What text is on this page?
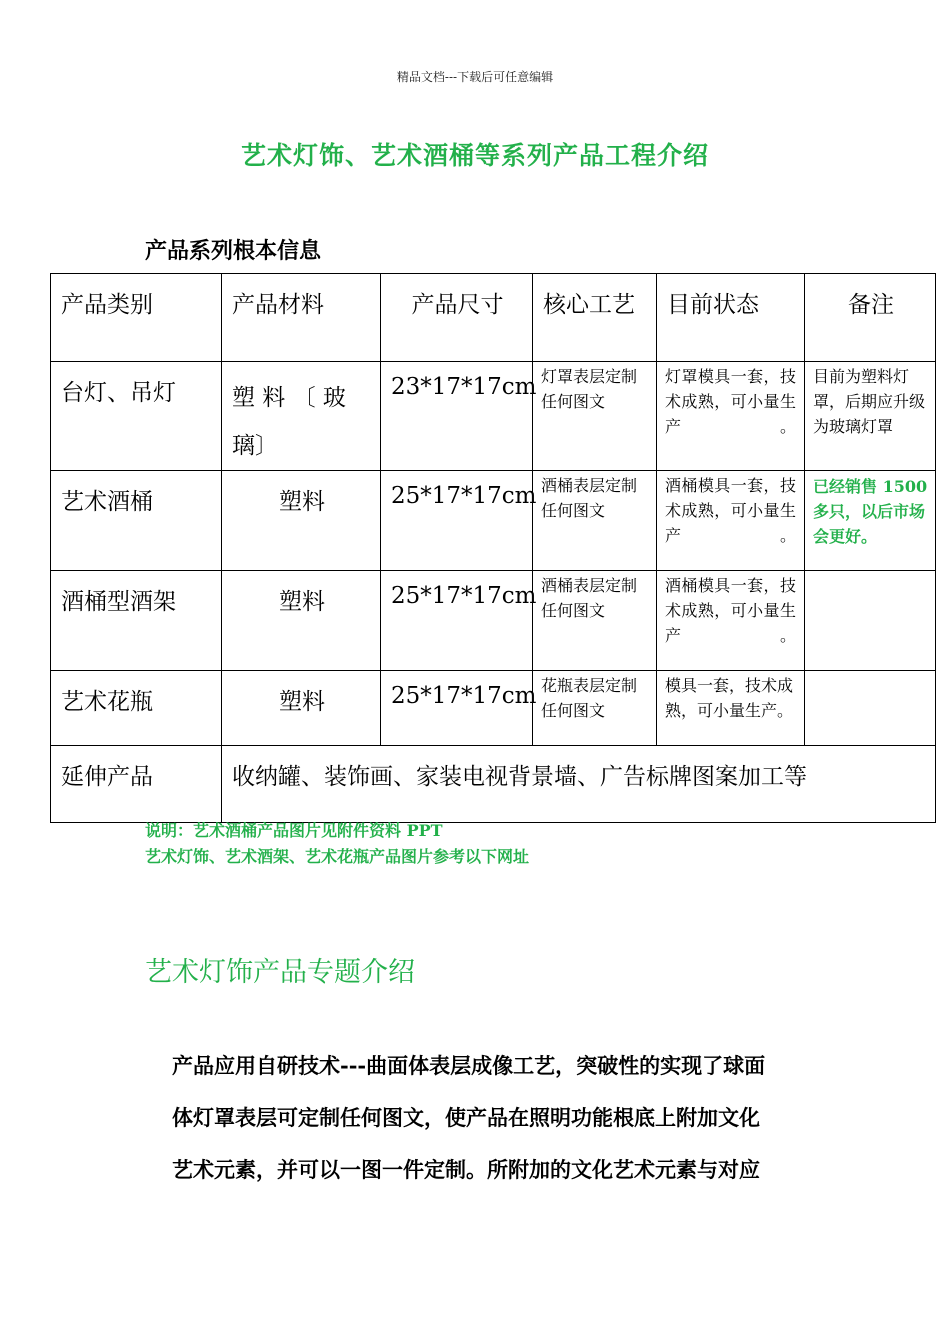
精品文档---下载后可任意编辑
艺术灯饰、艺术酒桶等系列产品工程介绍
产品系列根本信息
产品类别	产品材料	产品尺寸	核心工艺	目前状态	备注
台灯、吊灯	塑 料 〔 玻 璃〕	23*17*17cm	灯罩表层定制任何图文	灯罩模具一套，技术成熟，可小量生产。	目前为塑料灯罩，后期应升级为玻璃灯罩
艺术酒桶	塑料	25*17*17cm	酒桶表层定制任何图文	酒桶模具一套，技术成熟，可小量生产。	已经销售 1500 多只，以后市场会更好。
酒桶型酒架	塑料	25*17*17cm	酒桶表层定制任何图文	酒桶模具一套，技术成熟，可小量生产。	
艺术花瓶	塑料	25*17*17cm	花瓶表层定制任何图文	模具一套，技术成熟，可小量生产。	
延伸产品	收纳罐、装饰画、家装电视背景墙、广告标牌图案加工等				
说明：艺术酒桶产品图片见附件资料 PPT
艺术灯饰、艺术酒架、艺术花瓶产品图片参考以下网址
艺术灯饰产品专题介绍
产品应用自研技术---曲面体表层成像工艺，突破性的实现了球面
体灯罩表层可定制任何图文，使产品在照明功能根底上附加文化
艺术元素，并可以一图一件定制。所附加的文化艺术元素与对应
